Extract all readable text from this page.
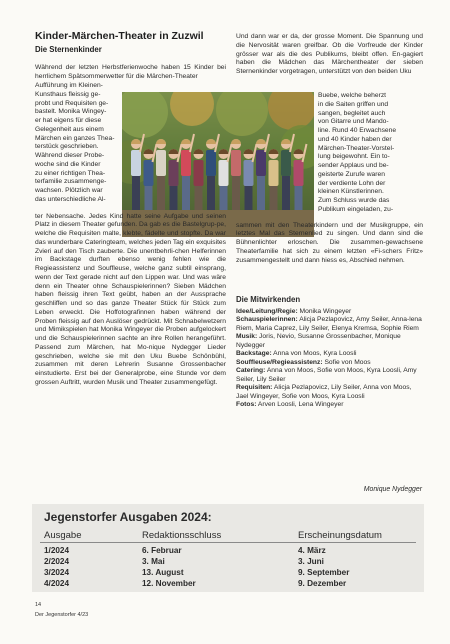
Kinder-Märchen-Theater in Zuzwil
Die Sternenkinder

Während der letzten Herbstferienwoche haben 15 Kinder bei herrlichem Spätsommerwetter für die Märchen-Theater

Aufführung im Kleinen-
Kunsthaus fleissig ge-
probt und Requisiten ge-
bastelt. Monika Wingey-
er hat eigens für diese
Gelegenheit aus einem
Märchen ein ganzes Thea-
terstück geschrieben.
Während dieser Probe-
woche sind die Kinder
zu einer richtigen Thea-
terfamilie zusammenge-
wachsen. Plötzlich war
das unterschiedliche Al-

Und dann war er da, der grosse Moment. Die Spannung und die Nervosität waren greifbar. Ob die Vorfreude der Kinder grösser war als die des Publikums, bleibt offen. En-gagiert haben die Mädchen das Märchentheater der sieben Sternenkinder vorgetragen, unterstützt von den beiden Uku

Buebe, welche beherzt
in die Saiten griffen und
sangen, begleitet auch
von Gitarre und Mando-
line. Rund 40 Erwachsene
und 40 Kinder haben der
Märchen-Theater-Vorstel-
lung beigewohnt. Ein to-
sender Applaus und be-
geisterte Zurufe waren
der verdiente Lohn der
kleinen Künstlerinnen.
Zum Schluss wurde das
Publikum eingeladen, zu-

ter Nebensache. Jedes Kind hatte seine Aufgabe und seinen Platz in diesem Theater gefunden. Da gab es die Bastelgrup-pe, welche die Requisiten malte, klebte, fädelte und stopfte. Da war das wunderbare Cateringteam, welches jeden Tag ein exquisites Zvieri auf den Tisch zauberte. Die unentbehrli-chen Helferinnen im Backstage durften ebenso wenig fehlen wie die Regieassistenz und Souffleuse, welche ganz subtil einsprang, wenn der Text gerade nicht auf den Lippen war. Und was wäre denn ein Theater ohne Schauspielerinnen? Sieben Mädchen haben fleissig ihren Text geübt, haben an der Aussprache geschliffen und so das ganze Theater Stück für Stück zum Leben erweckt. Die Hoffotografinnen haben während der Proben fleissig auf den Auslöser gedrückt. Mit Schnabelwetzern und Mimikspielen hat Monika Wingeyer die Proben aufgelockert und die Schauspielerinnen sachte an ihre Rollen herangeführt. Passend zum Märchen, hat Mo-nique Nydegger Lieder geschrieben, welche sie mit den Uku Buebe Schönbühl, zusammen mit deren Lehrerin Susanne Grossenbacher einstudierte. Erst bei der Generalprobe, eine Stunde vor dem grossen Auftritt, wurden Musik und Theater zusammengefügt.

sammen mit den Theaterkindern und der Musikgruppe, ein letztes Mal das Sternenlied zu singen. Und dann sind die Bühnenlichter erloschen. Die zusammen-gewachsene Theaterfamilie hat sich zu einem letzten «Fi-schers Fritz» zusammengestellt und dann hiess es, Abschied nehmen.

Die Mitwirkenden

Idee/Leitung/Regie: Monika Wingeyer

Schauspielerinnen: Alicja Pezlapovicz, Amy Seiler, Anna-lena Riem, Maria Caprez, Lily Seiler, Elenya Kremsa, Sophie Riem

Musik: Joris, Nevio, Susanne Grossenbacher, Monique Nydegger

Backstage: Anna von Moos, Kyra Loosli

Souffleuse/Regieassistenz: Sofie von Moos

Catering: Anna von Moos, Sofie von Moos, Kyra Loosli, Amy Seiler, Lily Seiler

Requisiten: Alicja Pezlapovicz, Lily Seiler, Anna von Moos, Jael Wingeyer, Sofie von Moos, Kyra Loosli

Fotos: Arven Loosli, Lena Wingeyer

Monique Nydegger
Jegenstorfer Ausgaben 2024:
Ausgabe	Redaktionsschluss	Erscheinungsdatum
1/2024	6. Februar	4. März
2/2024	3. Mai	3. Juni
3/2024	13. August	9. September
4/2024	12. November	9. Dezember
14
Der Jegenstorfer 4/23
